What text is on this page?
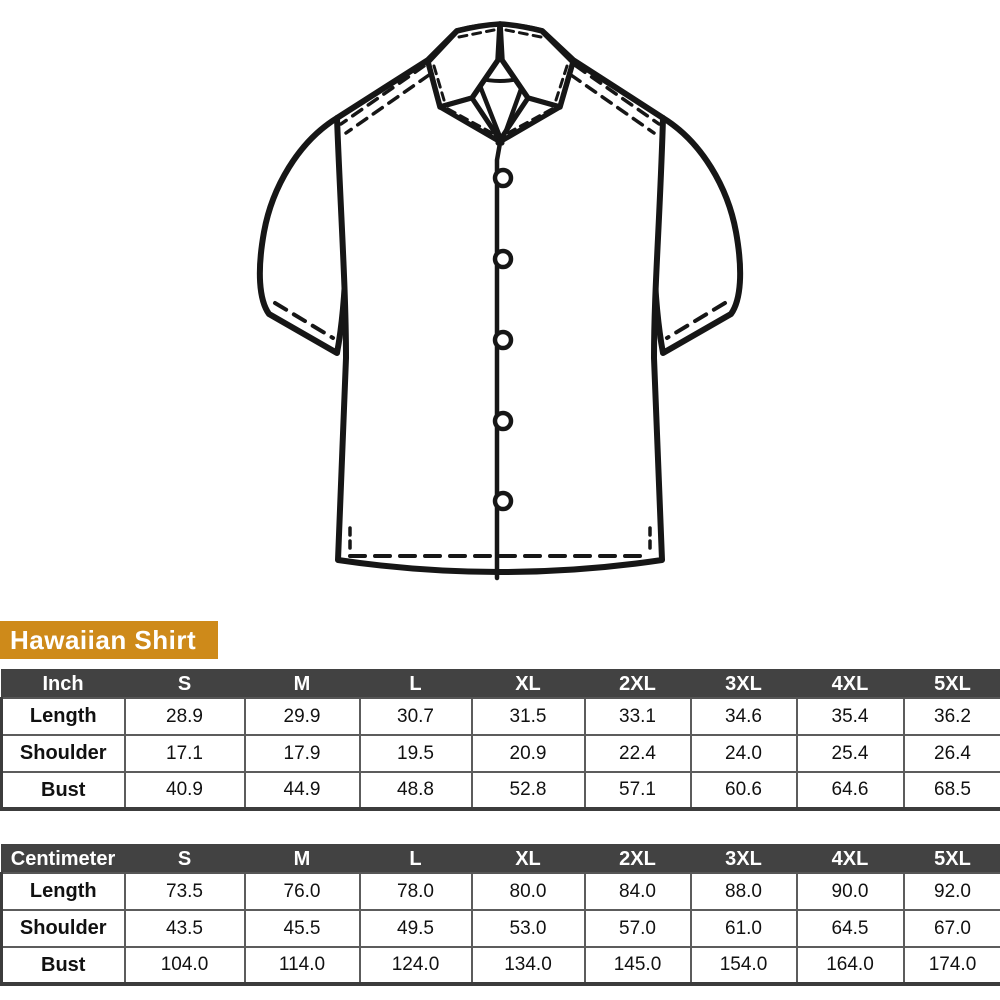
Hawaiian Shirt
Inch	S	M	L	XL	2XL	3XL	4XL	5XL
Length	28.9	29.9	30.7	31.5	33.1	34.6	35.4	36.2
Shoulder	17.1	17.9	19.5	20.9	22.4	24.0	25.4	26.4
Bust	40.9	44.9	48.8	52.8	57.1	60.6	64.6	68.5
Centimeter	S	M	L	XL	2XL	3XL	4XL	5XL
Length	73.5	76.0	78.0	80.0	84.0	88.0	90.0	92.0
Shoulder	43.5	45.5	49.5	53.0	57.0	61.0	64.5	67.0
Bust	104.0	114.0	124.0	134.0	145.0	154.0	164.0	174.0
